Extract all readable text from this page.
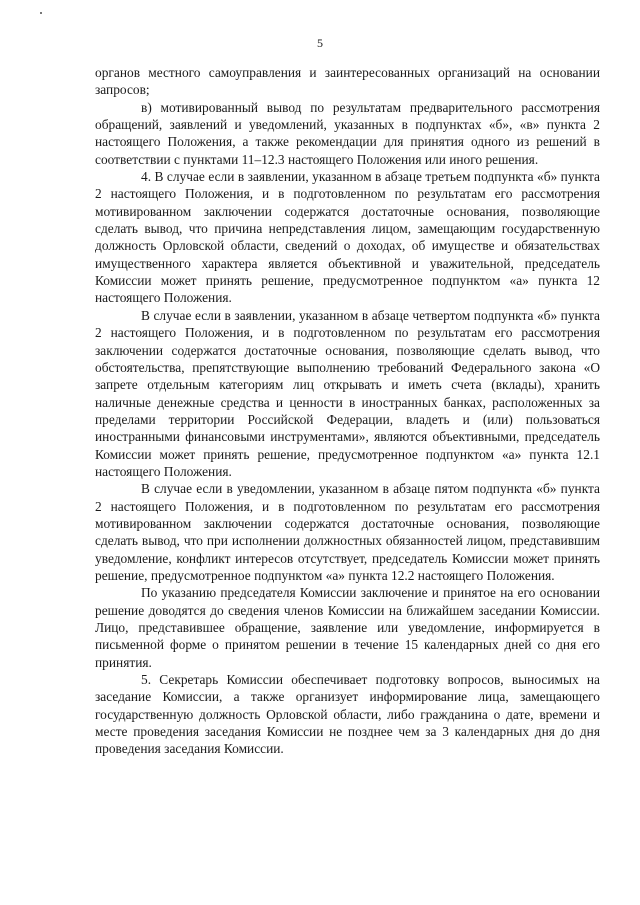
5

органов местного самоуправления и заинтересованных организаций на основании запросов;

в) мотивированный вывод по результатам предварительного рассмотрения обращений, заявлений и уведомлений, указанных в подпунктах «б», «в» пункта 2 настоящего Положения, а также рекомендации для принятия одного из решений в соответствии с пунктами 11–12.3 настоящего Положения или иного решения.

4. В случае если в заявлении, указанном в абзаце третьем подпункта «б» пункта 2 настоящего Положения, и в подготовленном по результатам его рассмотрения мотивированном заключении содержатся достаточные основания, позволяющие сделать вывод, что причина непредставления лицом, замещающим государственную должность Орловской области, сведений о доходах, об имуществе и обязательствах имущественного характера является объективной и уважительной, председатель Комиссии может принять решение, предусмотренное подпунктом «а» пункта 12 настоящего Положения.

В случае если в заявлении, указанном в абзаце четвертом подпункта «б» пункта 2 настоящего Положения, и в подготовленном по результатам его рассмотрения заключении содержатся достаточные основания, позволяющие сделать вывод, что обстоятельства, препятствующие выполнению требований Федерального закона «О запрете отдельным категориям лиц открывать и иметь счета (вклады), хранить наличные денежные средства и ценности в иностранных банках, расположенных за пределами территории Российской Федерации, владеть и (или) пользоваться иностранными финансовыми инструментами», являются объективными, председатель Комиссии может принять решение, предусмотренное подпунктом «а» пункта 12.1 настоящего Положения.

В случае если в уведомлении, указанном в абзаце пятом подпункта «б» пункта 2 настоящего Положения, и в подготовленном по результатам его рассмотрения мотивированном заключении содержатся достаточные основания, позволяющие сделать вывод, что при исполнении должностных обязанностей лицом, представившим уведомление, конфликт интересов отсутствует, председатель Комиссии может принять решение, предусмотренное подпунктом «а» пункта 12.2 настоящего Положения.

По указанию председателя Комиссии заключение и принятое на его основании решение доводятся до сведения членов Комиссии на ближайшем заседании Комиссии. Лицо, представившее обращение, заявление или уведомление, информируется в письменной форме о принятом решении в течение 15 календарных дней со дня его принятия.

5. Секретарь Комиссии обеспечивает подготовку вопросов, выносимых на заседание Комиссии, а также организует информирование лица, замещающего государственную должность Орловской области, либо гражданина о дате, времени и месте проведения заседания Комиссии не позднее чем за 3 календарных дня до дня проведения заседания Комиссии.
